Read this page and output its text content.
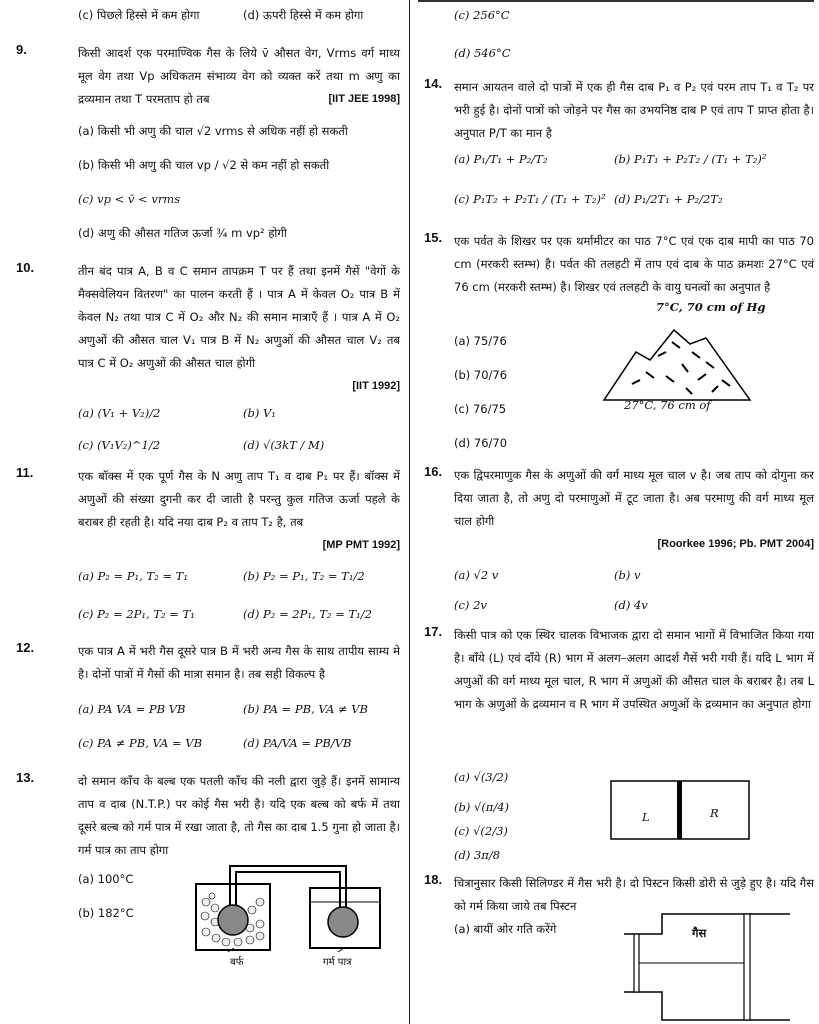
(c) पिछले हिस्से में कम होगा	(d) ऊपरी हिस्से में कम होगा
9.	किसी आदर्श एक परमाण्विक गैस के लिये v̄ औसत वेग, Vrms वर्ग माध्य मूल वेग तथा Vp अधिकतम संभाव्य वेग को व्यक्त करें तथा m अणु का द्रव्यमान तथा T परमताप हो तब	[IIT JEE 1998]
(a) किसी भी अणु की चाल √2 vrms से अधिक नहीं हो सकती
(b) किसी भी अणु की चाल vp / √2 से कम नहीं हो सकती
(c) vp < v̄ < vrms
(d) अणु की औसत गतिज ऊर्जा ¾ m vp² होगी
10.	तीन बंद पात्र A, B व C समान तापक्रम T पर हैं तथा इनमें गैसें "वेगों के मैक्सवेलियन वितरण" का पालन करती हैं । पात्र A में केवल O₂ पात्र B में केवल N₂ तथा पात्र C में O₂ और N₂ की समान मात्राएँ हैं । पात्र A में O₂ अणुओं की औसत चाल V₁ पात्र B में N₂ अणुओं की औसत चाल V₂ तब पात्र C में O₂ अणुओं की औसत चाल होगी
[IIT 1992]
(a) (V₁ + V₂)/2	(b) V₁
(c) (V₁V₂)^1/2	(d) √(3kT / M)
11.	एक बॉक्स में एक पूर्ण गैस के N अणु ताप T₁ व दाब P₁ पर हैं। बॉक्स में अणुओं की संख्या दुगनी कर दी जाती है परन्तु कुल गतिज ऊर्जा पहले के बराबर ही रहती है। यदि नया दाब P₂ व ताप T₂ है, तब
[MP PMT 1992]
(a) P₂ = P₁, T₂ = T₁	(b) P₂ = P₁, T₂ = T₁/2
(c) P₂ = 2P₁, T₂ = T₁	(d) P₂ = 2P₁, T₂ = T₁/2
12.	एक पात्र A में भरी गैस दूसरे पात्र B में भरी अन्य गैस के साथ तापीय साम्य मे है। दोनों पात्रों में गैसों की मात्रा समान है। तब सही विकल्प है
(a) PA VA = PB VB	(b) PA = PB, VA ≠ VB
(c) PA ≠ PB, VA = VB	(d) PA/VA = PB/VB
13.	दो समान काँच के बल्ब एक पतली काँच की नली द्वारा जुड़े हैं। इनमें सामान्य ताप व दाब (N.T.P.) पर कोई गैस भरी है। यदि एक बल्ब को बर्फ में तथा दूसरे बल्ब को गर्म पात्र में रखा जाता है, तो गैस का दाब 1.5 गुना हो जाता है। गर्म पात्र का ताप होगा
(a) 100°C
(b) 182°C
बर्फ	गर्म पात्र
(c) 256°C
(d) 546°C
14. समान आयतन वाले दो पात्रों में एक ही गैस दाब P₁ व P₂ एवं परम ताप T₁ व T₂ पर भरी हुई है। दोनों पात्रों को जोड़ने पर गैस का उभयनिष्ठ दाब P एवं ताप T प्राप्त होता है। अनुपात P/T का मान है
(a) P₁/T₁ + P₂/T₂	(b) P₁T₁ + P₂T₂ / (T₁ + T₂)²
(c) P₁T₂ + P₂T₁ / (T₁ + T₂)² (d) P₁/2T₁ + P₂/2T₂
15. एक पर्वत के शिखर पर एक थर्मामीटर का पाठ 7°C एवं एक दाब मापी का पाठ 70 cm (मरकरी स्तम्भ) है। पर्वत की तलहटी में ताप एवं दाब के पाठ क्रमशः 27°C एवं 76 cm (मरकरी स्तम्भ) है। शिखर एवं तलहटी के वायु घनत्वों का अनुपात है
(a) 75/76
(b) 70/76
(c) 76/75
(d) 76/70
7°C, 70 cm of Hg
27°C, 76 cm of
16. एक द्विपरमाणुक गैस के अणुओं की वर्ग माध्य मूल चाल v है। जब ताप को दोगुना कर दिया जाता है, तो अणु दो परमाणुओं में टूट जाता है। अब परमाणु की वर्ग माध्य मूल चाल होगी
[Roorkee 1996; Pb. PMT 2004]
(a) √2 v	(b) v
(c) 2v	(d) 4v
17. किसी पात्र को एक स्थिर चालक विभाजक द्वारा दो समान भागों में विभाजित किया गया है। बाँये (L) एवं दाँये (R) भाग में अलग–अलग आदर्श गैसें भरी गयी हैं। यदि L भाग में अणुओं की वर्ग माध्य मूल चाल, R भाग में अणुओं की औसत चाल के बराबर है। तब L भाग के अणुओं के द्रव्यमान व R भाग में उपस्थित अणुओं के द्रव्यमान का अनुपात होगा
(a) √(3/2)
(b) √(π/4)
(c) √(2/3)
(d) 3π/8
L	R
18. चित्रानुसार किसी सिलिण्डर में गैस भरी है। दो पिस्टन किसी डोरी से जुड़े हुए है। यदि गैस को गर्म किया जाये तब पिस्टन
(a) बायीं ओर गति करेंगे	गैस
